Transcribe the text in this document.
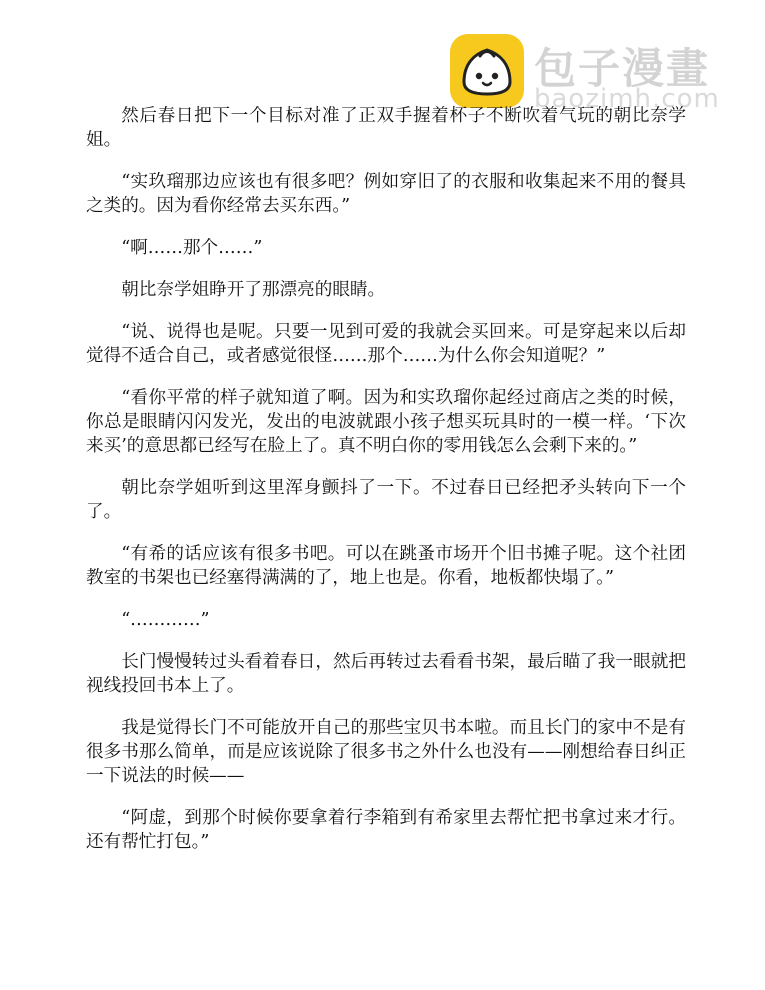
包子漫畫
baozimh.com

然后春日把下一个目标对准了正双手握着杯子不断吹着气玩的朝比奈学姐。

“实玖瑠那边应该也有很多吧？例如穿旧了的衣服和收集起来不用的餐具之类的。因为看你经常去买东西。”

“啊……那个……”

朝比奈学姐睁开了那漂亮的眼睛。

“说、说得也是呢。只要一见到可爱的我就会买回来。可是穿起来以后却觉得不适合自己，或者感觉很怪……那个……为什么你会知道呢？”

“看你平常的样子就知道了啊。因为和实玖瑠你起经过商店之类的时候，你总是眼睛闪闪发光，发出的电波就跟小孩子想买玩具时的一模一样。‘下次来买’的意思都已经写在脸上了。真不明白你的零用钱怎么会剩下来的。”

朝比奈学姐听到这里浑身颤抖了一下。不过春日已经把矛头转向下一个了。

“有希的话应该有很多书吧。可以在跳蚤市场开个旧书摊子呢。这个社团教室的书架也已经塞得满满的了，地上也是。你看，地板都快塌了。”

“…………”

长门慢慢转过头看着春日，然后再转过去看看书架，最后瞄了我一眼就把视线投回书本上了。

我是觉得长门不可能放开自己的那些宝贝书本啦。而且长门的家中不是有很多书那么简单，而是应该说除了很多书之外什么也没有——刚想给春日纠正一下说法的时候——

“阿虚，到那个时候你要拿着行李箱到有希家里去帮忙把书拿过来才行。还有帮忙打包。”
